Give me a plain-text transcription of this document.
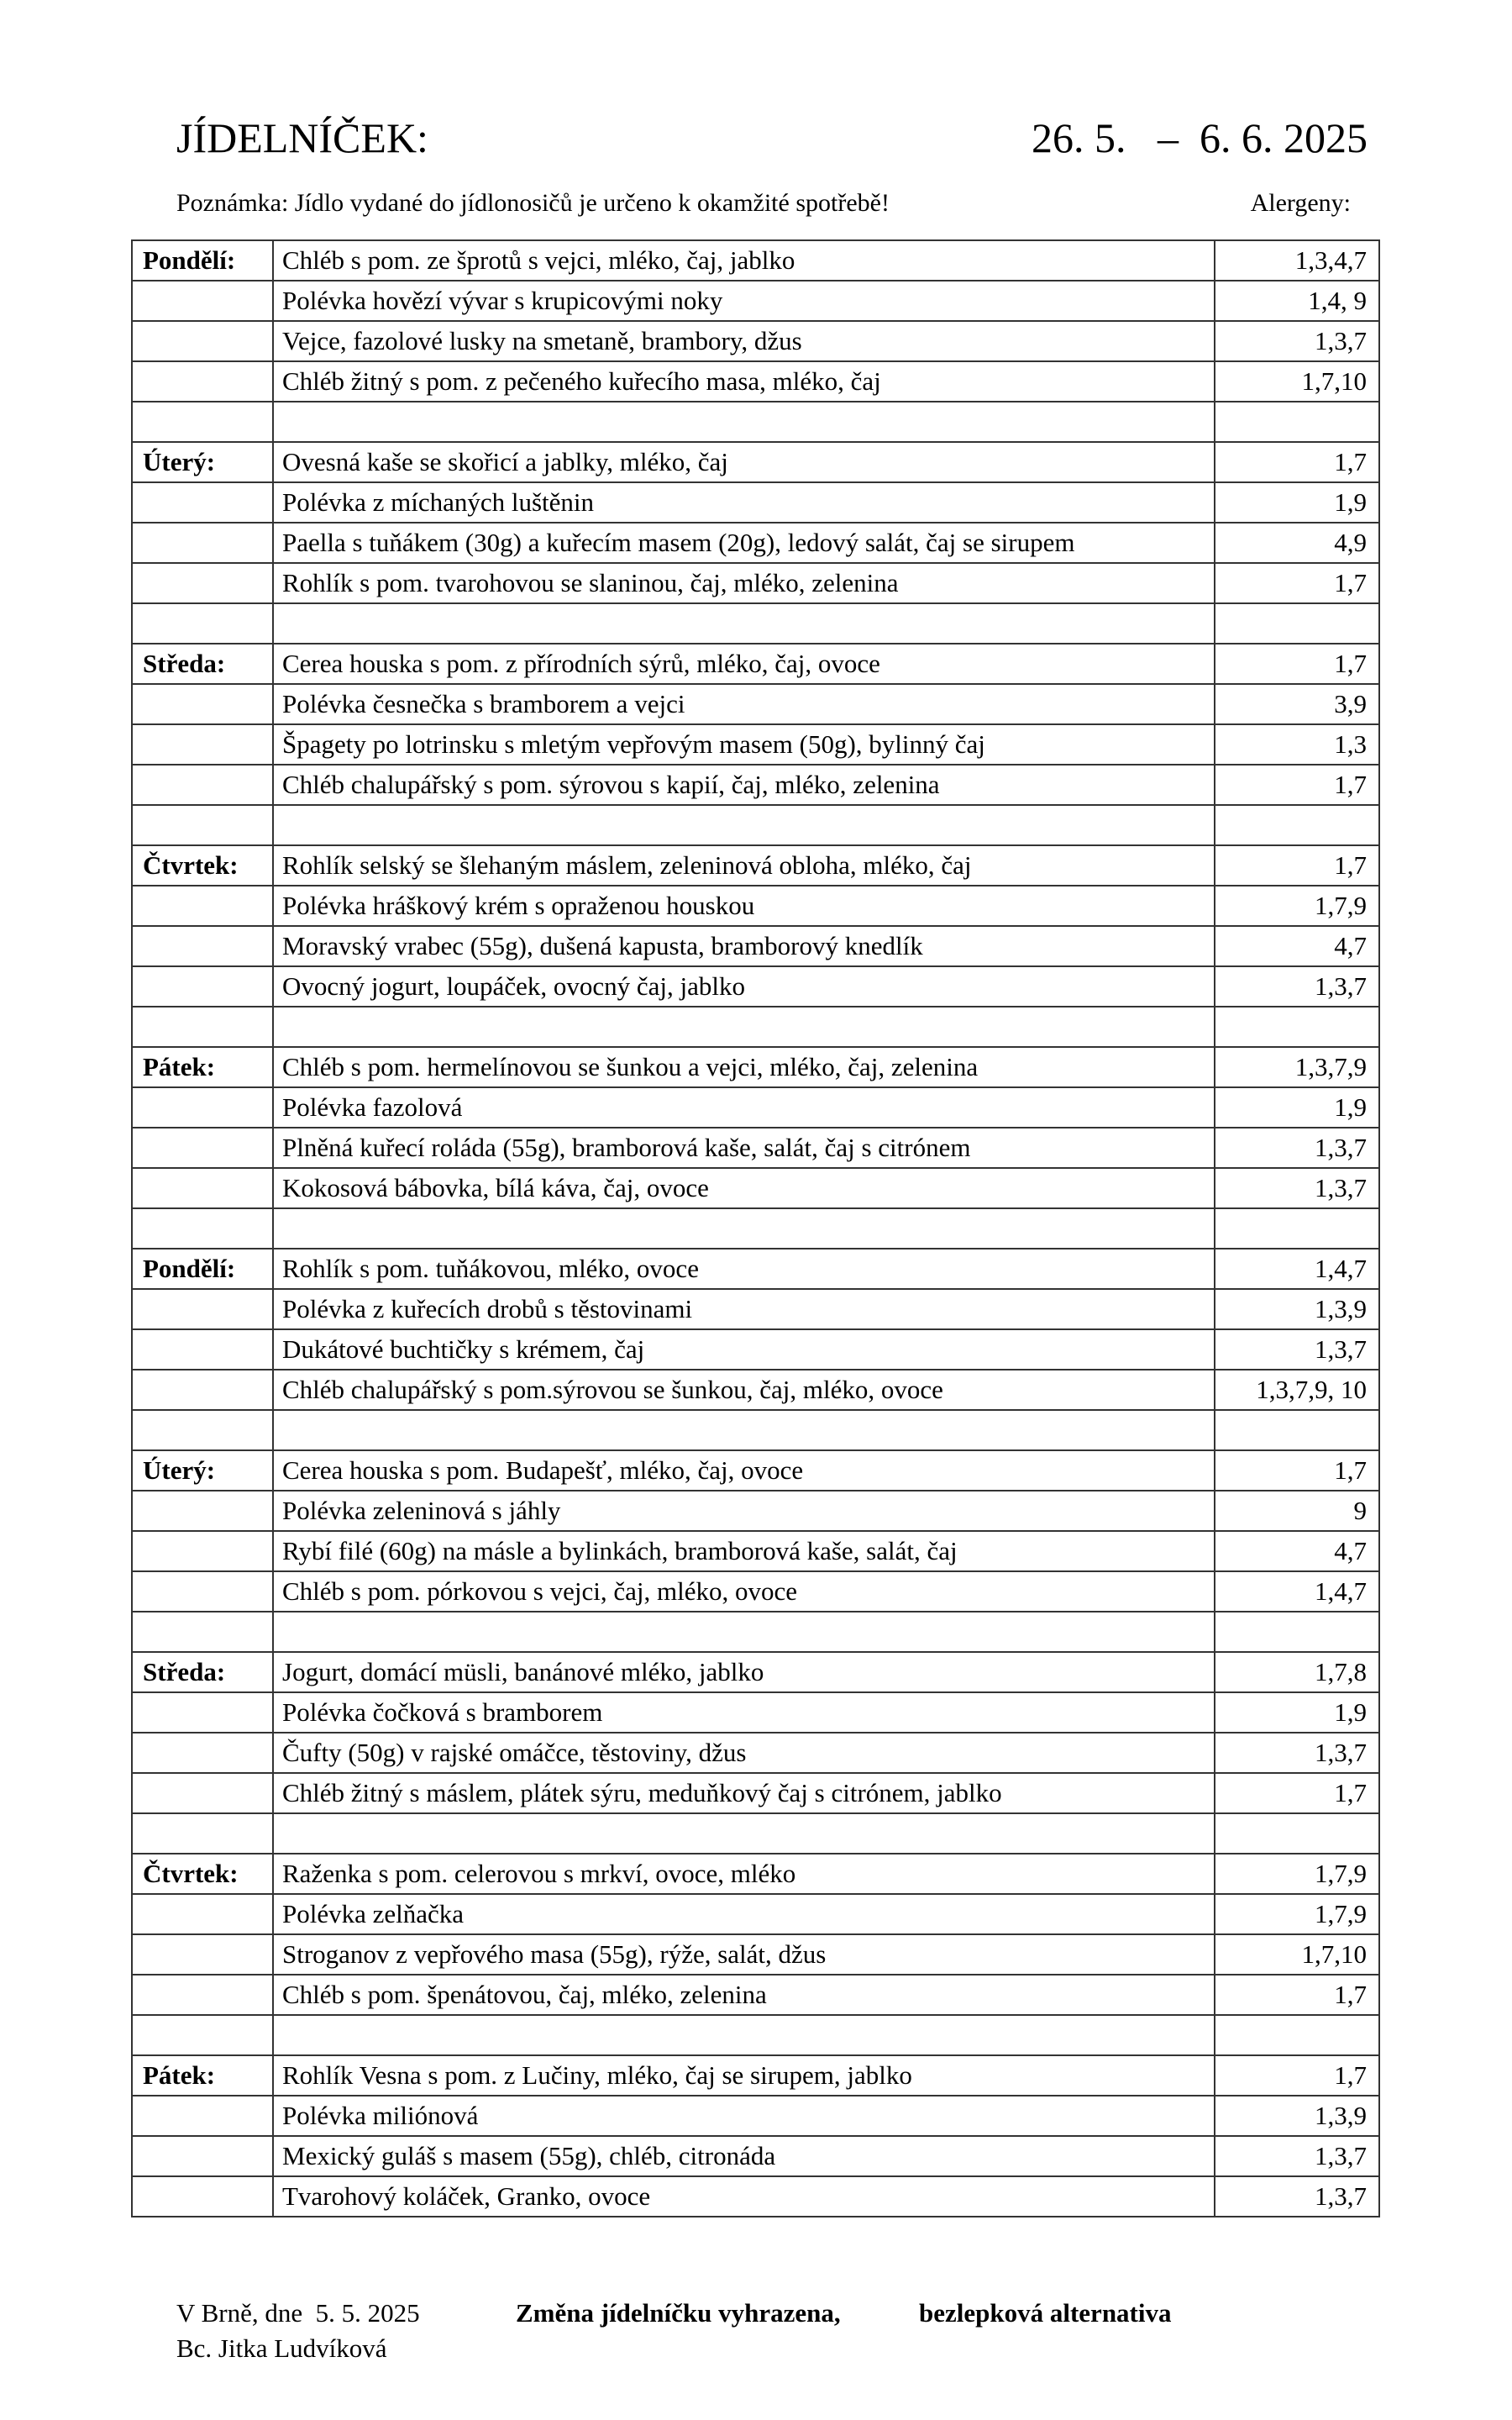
JÍDELNÍČEK:	26. 5.   –  6. 6. 2025
Poznámka: Jídlo vydané do jídlonosičů je určeno k okamžité spotřebě!	Alergeny:
Pondělí:	Chléb s pom. ze šprotů s vejci, mléko, čaj, jablko	1,3,4,7
	Polévka hovězí vývar s krupicovými noky	1,4, 9
	Vejce, fazolové lusky na smetaně, brambory, džus	1,3,7
	Chléb žitný s pom. z pečeného kuřecího masa, mléko, čaj	1,7,10

Úterý:	Ovesná kaše se skořicí a jablky, mléko, čaj	1,7
	Polévka z míchaných luštěnin	1,9
	Paella s tuňákem (30g) a kuřecím masem (20g), ledový salát, čaj se sirupem	4,9
	Rohlík s pom. tvarohovou se slaninou, čaj, mléko, zelenina	1,7

Středa:	Cerea houska s pom. z přírodních sýrů, mléko, čaj, ovoce	1,7
	Polévka česnečka s bramborem a vejci	3,9
	Špagety po lotrinsku s mletým vepřovým masem (50g), bylinný čaj	1,3
	Chléb chalupářský s pom. sýrovou s kapií, čaj, mléko, zelenina	1,7

Čtvrtek:	Rohlík selský se šlehaným máslem, zeleninová obloha, mléko, čaj	1,7
	Polévka hráškový krém s opraženou houskou	1,7,9
	Moravský vrabec (55g), dušená kapusta, bramborový knedlík	4,7
	Ovocný jogurt, loupáček, ovocný čaj, jablko	1,3,7

Pátek:	Chléb s pom. hermelínovou se šunkou a vejci, mléko, čaj, zelenina	1,3,7,9
	Polévka fazolová	1,9
	Plněná kuřecí roláda (55g), bramborová kaše, salát, čaj s citrónem	1,3,7
	Kokosová bábovka, bílá káva, čaj, ovoce	1,3,7

Pondělí:	Rohlík s pom. tuňákovou, mléko, ovoce	1,4,7
	Polévka z kuřecích drobů s těstovinami	1,3,9
	Dukátové buchtičky s krémem, čaj	1,3,7
	Chléb chalupářský s pom.sýrovou se šunkou, čaj, mléko, ovoce	1,3,7,9, 10

Úterý:	Cerea houska s pom. Budapešť, mléko, čaj, ovoce	1,7
	Polévka zeleninová s jáhly	9
	Rybí filé (60g) na másle a bylinkách, bramborová kaše, salát, čaj	4,7
	Chléb s pom. pórkovou s vejci, čaj, mléko, ovoce	1,4,7

Středa:	Jogurt, domácí müsli, banánové mléko, jablko	1,7,8
	Polévka čočková s bramborem	1,9
	Čufty (50g) v rajské omáčce, těstoviny, džus	1,3,7
	Chléb žitný s máslem, plátek sýru, meduňkový čaj s citrónem, jablko	1,7

Čtvrtek:	Raženka s pom. celerovou s mrkví, ovoce, mléko	1,7,9
	Polévka zelňačka	1,7,9
	Stroganov z vepřového masa (55g), rýže, salát, džus	1,7,10
	Chléb s pom. špenátovou, čaj, mléko, zelenina	1,7

Pátek:	Rohlík Vesna s pom. z Lučiny, mléko, čaj se sirupem, jablko	1,7
	Polévka miliónová	1,3,9
	Mexický guláš s masem (55g), chléb, citronáda	1,3,7
	Tvarohový koláček, Granko, ovoce	1,3,7
V Brně, dne  5. 5. 2025
Bc. Jitka Ludvíková
Změna jídelníčku vyhrazena,	bezlepková alternativa
